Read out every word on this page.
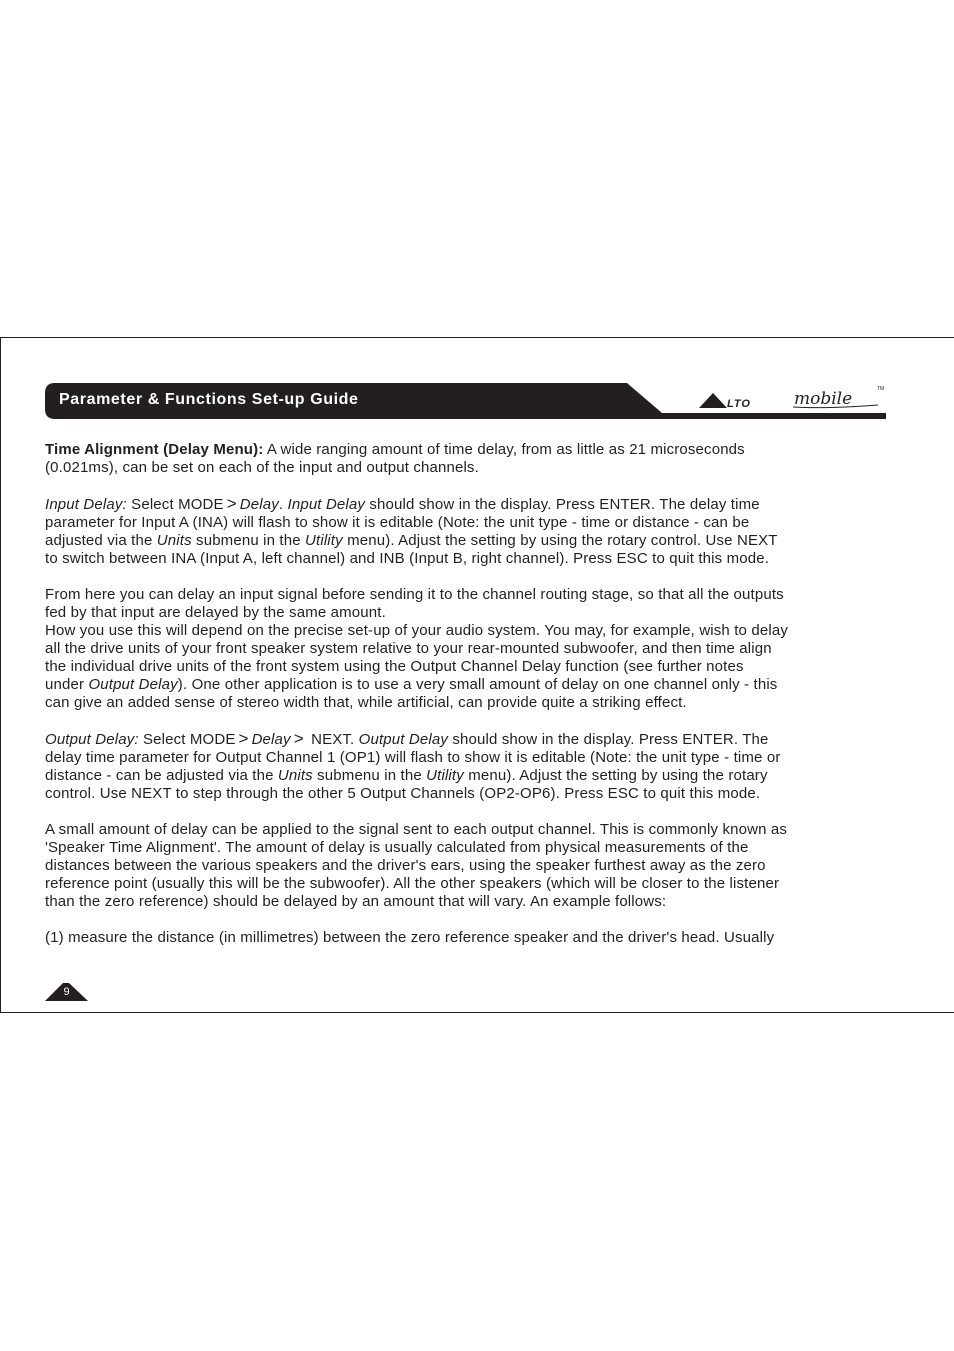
Parameter & Functions Set-up Guide	LTO	mobile	TM

Time Alignment (Delay Menu): A wide ranging amount of time delay, from as little as 21 microseconds
(0.021ms), can be set on each of the input and output channels.

Input Delay: Select MODE > Delay. Input Delay should show in the display. Press ENTER. The delay time
parameter for Input A (INA) will flash to show it is editable (Note: the unit type - time or distance - can be
adjusted via the Units submenu in the Utility menu). Adjust the setting by using the rotary control. Use NEXT
to switch between INA (Input A, left channel) and INB (Input B, right channel). Press ESC to quit this mode.

From here you can delay an input signal before sending it to the channel routing stage, so that all the outputs
fed by that input are delayed by the same amount.
How you use this will depend on the precise set-up of your audio system. You may, for example, wish to delay
all the drive units of your front speaker system relative to your rear-mounted subwoofer, and then time align
the individual drive units of the front system using the Output Channel Delay function (see further notes
under Output Delay). One other application is to use a very small amount of delay on one channel only - this
can give an added sense of stereo width that, while artificial, can provide quite a striking effect.

Output Delay: Select MODE > Delay > NEXT. Output Delay should show in the display. Press ENTER. The
delay time parameter for Output Channel 1 (OP1) will flash to show it is editable (Note: the unit type - time or
distance - can be adjusted via the Units submenu in the Utility menu). Adjust the setting by using the rotary
control. Use NEXT to step through the other 5 Output Channels (OP2-OP6). Press ESC to quit this mode.

A small amount of delay can be applied to the signal sent to each output channel. This is commonly known as
'Speaker Time Alignment'. The amount of delay is usually calculated from physical measurements of the
distances between the various speakers and the driver's ears, using the speaker furthest away as the zero
reference point (usually this will be the subwoofer). All the other speakers (which will be closer to the listener
than the zero reference) should be delayed by an amount that will vary. An example follows:

(1) measure the distance (in millimetres) between the zero reference speaker and the driver's head. Usually

9
